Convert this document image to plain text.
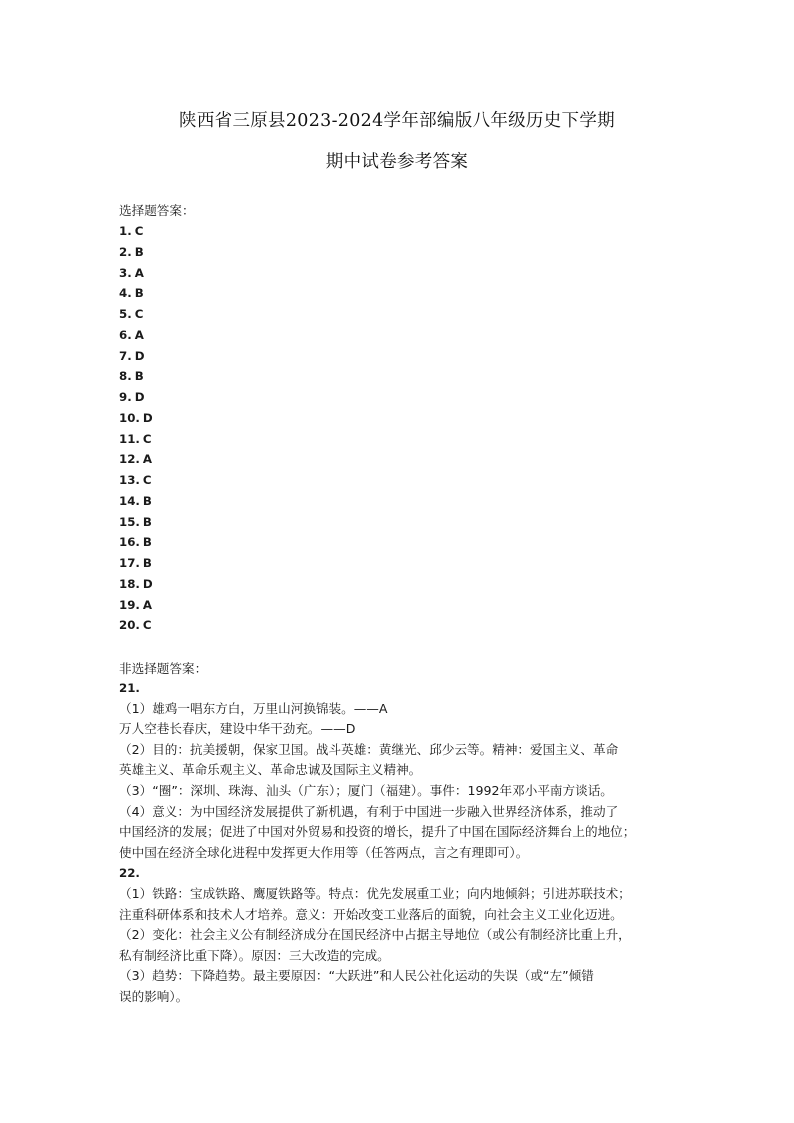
陕西省三原县2023-2024学年部编版八年级历史下学期
期中试卷参考答案
选择题答案：
1. C
2. B
3. A
4. B
5. C
6. A
7. D
8. B
9. D
10. D
11. C
12. A
13. C
14. B
15. B
16. B
17. B
18. D
19. A
20. C
非选择题答案：
21.
（1）雄鸡一唱东方白，万里山河换锦装。——A
万人空巷长春庆，建设中华干劲充。——D
（2）目的：抗美援朝，保家卫国。战斗英雄：黄继光、邱少云等。精神：爱国主义、革命
英雄主义、革命乐观主义、革命忠诚及国际主义精神。
（3）“圈”：深圳、珠海、汕头（广东）；厦门（福建）。事件：1992年邓小平南方谈话。
（4）意义：为中国经济发展提供了新机遇，有利于中国进一步融入世界经济体系，推动了
中国经济的发展；促进了中国对外贸易和投资的增长，提升了中国在国际经济舞台上的地位；
使中国在经济全球化进程中发挥更大作用等（任答两点，言之有理即可）。
22.
（1）铁路：宝成铁路、鹰厦铁路等。特点：优先发展重工业；向内地倾斜；引进苏联技术；
注重科研体系和技术人才培养。意义：开始改变工业落后的面貌，向社会主义工业化迈进。
（2）变化：社会主义公有制经济成分在国民经济中占据主导地位（或公有制经济比重上升，
私有制经济比重下降）。原因：三大改造的完成。
（3）趋势：下降趋势。最主要原因：“大跃进”和人民公社化运动的失误（或“左”倾错
误的影响）。
